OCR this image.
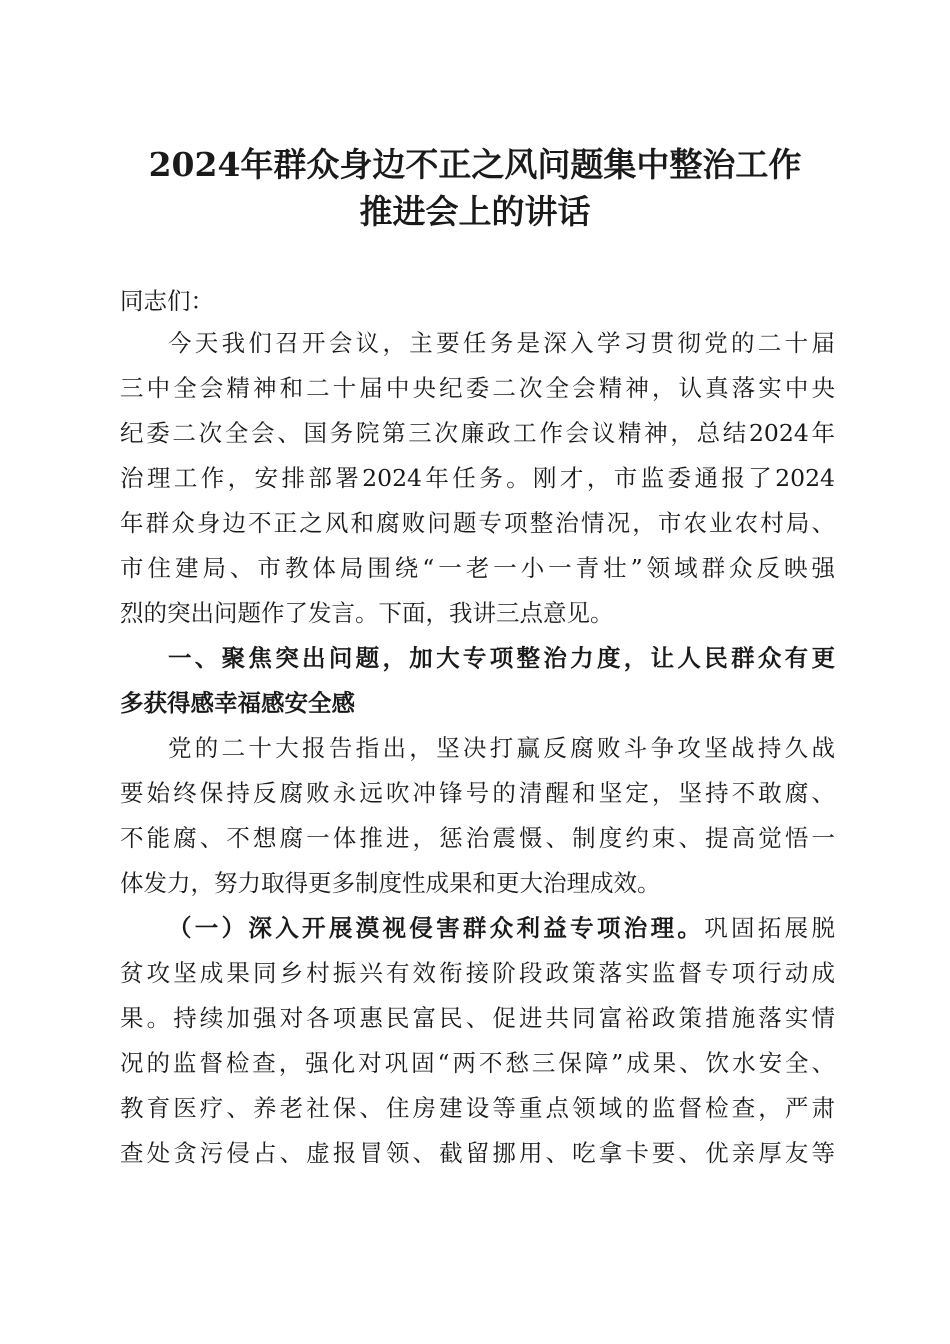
2024年群众身边不正之风问题集中整治工作
推进会上的讲话
同志们：
今天我们召开会议，主要任务是深入学习贯彻党的二十届
三中全会精神和二十届中央纪委二次全会精神，认真落实中央
纪委二次全会、国务院第三次廉政工作会议精神，总结2024年
治理工作，安排部署2024年任务。刚才，市监委通报了2024
年群众身边不正之风和腐败问题专项整治情况，市农业农村局、
市住建局、市教体局围绕“一老一小一青壮”领域群众反映强
烈的突出问题作了发言。下面，我讲三点意见。
一、聚焦突出问题，加大专项整治力度，让人民群众有更
多获得感幸福感安全感
党的二十大报告指出，坚决打赢反腐败斗争攻坚战持久战
要始终保持反腐败永远吹冲锋号的清醒和坚定，坚持不敢腐、
不能腐、不想腐一体推进，惩治震慑、制度约束、提高觉悟一
体发力，努力取得更多制度性成果和更大治理成效。
（一）深入开展漠视侵害群众利益专项治理。巩固拓展脱
贫攻坚成果同乡村振兴有效衔接阶段政策落实监督专项行动成
果。持续加强对各项惠民富民、促进共同富裕政策措施落实情
况的监督检查，强化对巩固“两不愁三保障”成果、饮水安全、
教育医疗、养老社保、住房建设等重点领域的监督检查，严肃
查处贪污侵占、虚报冒领、截留挪用、吃拿卡要、优亲厚友等
